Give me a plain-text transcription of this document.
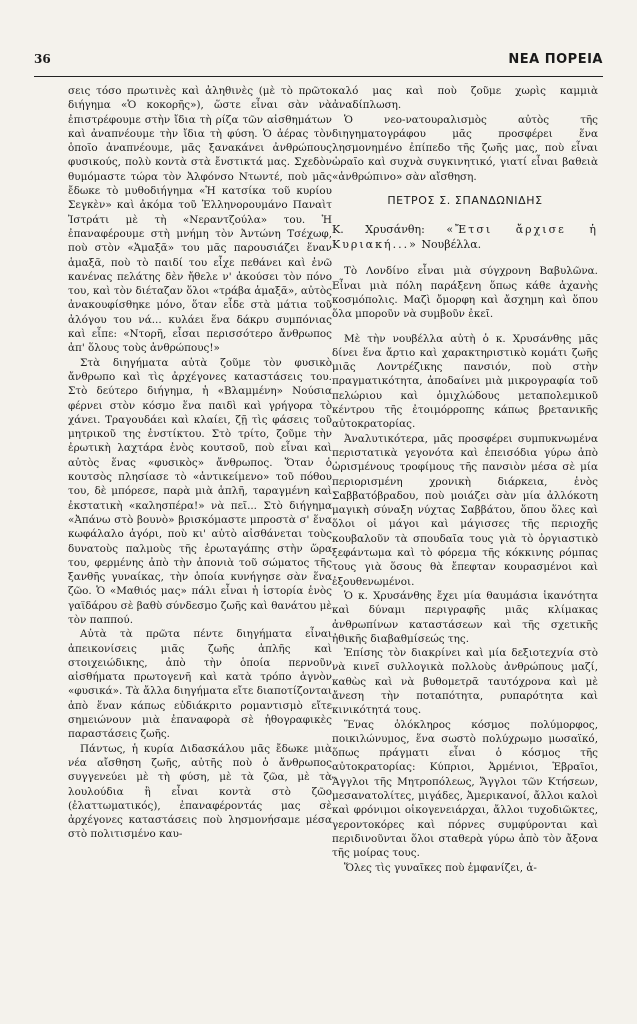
36	ΝΕΑ ΠΟΡΕΙΑ

σεις τόσο πρωτινὲς καὶ ἀληθινὲς (μὲ τὸ πρῶτο διήγημα «Ὁ κοκορῆς»), ὥστε εἶναι σὰν νὰ ἐπιστρέφουμε στὴν ἴδια τὴ ρίζα τῶν αἰσθημάτων καὶ ἀναπνέουμε τὴν ἴδια τὴ φύση. Ὁ ἀέρας τὸν ὁποῖο ἀναπνέουμε, μᾶς ξανακάνει ἀνθρώπους φυσικούς, πολὺ κοντὰ στὰ ἔνστικτά μας. Σχεδὸν θυμόμαστε τώρα τὸν Ἀλφόνσο Ντωντέ, ποὺ μᾶς ἔδωκε τὸ μυθοδιήγημα «Ἡ κατσίκα τοῦ κυρίου Σεγκὲν» καὶ ἀκόμα τοῦ Ἑλληνορουμάνο Παναὶτ Ἰστράτι μὲ τὴ «Νεραντζούλα» του. Ἡ ἐπαναφέρουμε στὴ μνήμη τὸν Ἀντώνη Τσέχωφ, ποὺ στὸν «Ἁμαξᾶ» του μᾶς παρουσιάζει ἕναν ἁμαξᾶ, ποὺ τὸ παιδί του εἶχε πεθάνει καὶ ἐνῶ κανένας πελάτης δὲν ἤθελε ν' ἀκούσει τὸν πόνο του, καὶ τὸν διέταζαν ὅλοι «τράβα ἁμαξᾶ», αὐτὸς ἀνακουφίσθηκε μόνο, ὅταν εἶδε στὰ μάτια τοῦ ἀλόγου του νά... κυλάει ἕνα δάκρυ συμπόνιας καὶ εἶπε: «Ντορῆ, εἶσαι περισσότερο ἄνθρωπος ἀπ' ὅλους τοὺς ἀνθρώπους!»

Στὰ διηγήματα αὐτὰ ζοῦμε τὸν φυσικὸ ἄνθρωπο καὶ τὶς ἀρχέγονες καταστάσεις του. Στὸ δεύτερο διήγημα, ἡ «Βλαμμένη» Νούσια φέρνει στὸν κόσμο ἕνα παιδὶ καὶ γρήγορα τὸ χάνει. Τραγουδάει καὶ κλαίει, ζῇ τὶς φάσεις τοῦ μητρικοῦ της ἐνστίκτου. Στὸ τρίτο, ζοῦμε τὴν ἐρωτικὴ λαχτάρα ἑνὸς κουτσοῦ, ποὺ εἶναι καὶ αὐτὸς ἕνας «φυσικὸς» ἄνθρωπος. Ὅταν ὁ κουτσὸς πλησίασε τὸ «ἀντικείμενο» τοῦ πόθου του, δὲ μπόρεσε, παρὰ μιὰ ἁπλῆ, ταραγμένη καὶ ἐκστατικὴ «καλησπέρα!» νὰ πεῖ... Στὸ διήγημα «Ἀπάνω στὸ βουνὸ» βρισκόμαστε μπροστὰ σ' ἕνα κωφάλαλο ἀγόρι, ποὺ κι' αὐτὸ αἰσθάνεται τοὺς δυνατοὺς παλμοὺς τῆς ἐρωταγάπης στὴν ὥρα του, φερμένης ἀπὸ τὴν ἀπονιὰ τοῦ σώματος τῆς ξανθῆς γυναίκας, τὴν ὁποία κυνήγησε σὰν ἕνα ζῶο. Ὁ «Μαθιός μας» πάλι εἶναι ἡ ἱστορία ἑνὸς γαϊδάρου σὲ βαθὺ σύνδεσμο ζωῆς καὶ θανάτου μὲ τὸν παππού.

Αὐτὰ τὰ πρῶτα πέντε διηγήματα εἶναι ἀπεικονίσεις μιᾶς ζωῆς ἁπλῆς καὶ στοιχειώδικης, ἀπὸ τὴν ὁποία περνοῦν αἰσθήματα πρωτογενῆ καὶ κατὰ τρόπο ἁγνὸν «φυσικά». Τὰ ἄλλα διηγήματα εἴτε διαποτίζονται ἀπὸ ἕναν κάπως εὐδιάκριτο ρομαντισμὸ εἴτε σημειώνουν μιὰ ἐπαναφορὰ σὲ ἠθογραφικὲς παραστάσεις ζωῆς.

Πάντως, ἡ κυρία Διδασκάλου μᾶς ἔδωκε μιὰ νέα αἴσθηση ζωῆς, αὐτῆς ποὺ ὁ ἄνθρωπος συγγενεύει μὲ τὴ φύση, μὲ τὰ ζῶα, μὲ τὰ λουλούδια ἢ εἶναι κοντὰ στὸ ζῶο (ἐλαττωματικός), ἐπαναφέροντάς μας σὲ ἀρχέγονες καταστάσεις ποὺ λησμονήσαμε μέσα στὸ πολιτισμένο καυ-

καλό μας καὶ ποὺ ζοῦμε χωρὶς καμμιὰ ἀναδίπλωση.

Ὁ νεο-νατουραλισμὸς αὐτὸς τῆς διηγηματογράφου μᾶς προσφέρει ἕνα λησμονημένο ἐπίπεδο τῆς ζωῆς μας, ποὺ εἶναι ὡραῖο καὶ συχνὰ συγκινητικό, γιατί εἶναι βαθειὰ «ἀνθρώπινο» σὰν αἴσθηση.

ΠΕΤΡΟΣ Σ. ΣΠΑΝΔΩΝΙΔΗΣ

Κ. Χρυσάνθη: «Ἔτσι ἄρχισε ἡ Κυριακή...» Νουβέλλα.

Τὸ Λονδίνο εἶναι μιὰ σύγχρονη Βαβυλῶνα. Εἶναι μιὰ πόλη παράξενη ὅπως κάθε ἀχανὴς κοσμόπολις. Μαζὶ ὄμορφη καὶ ἄσχημη καὶ ὅπου ὅλα μποροῦν νὰ συμβοῦν ἐκεῖ.

Μὲ τὴν νουβέλλα αὐτὴ ὁ κ. Χρυσάνθης μᾶς δίνει ἕνα ἄρτιο καὶ χαρακτηριστικὸ κομάτι ζωῆς μιᾶς Λοντρέζικης πανσιόν, ποὺ στὴν πραγματικότητα, ἀποδαίνει μιὰ μικρογραφία τοῦ πελώριου καὶ ὁμιχλώδους μεταπολεμικοῦ κέντρου τῆς ἐτοιμόρροπης κάπως βρετανικῆς αὐτοκρατορίας.

Ἀναλυτικότερα, μᾶς προσφέρει συμπυκνωμένα περιστατικὰ γεγονότα καὶ ἐπεισόδια γύρω ἀπὸ ὡρισμένους τροφίμους τῆς πανσιὸν μέσα σὲ μία περιορισμένη χρονικὴ διάρκεια, ἑνὸς Σαββατόβραδου, ποὺ μοιάζει σὰν μία ἀλλόκοτη μαγικὴ σύναξη νύχτας Σαββάτου, ὅπου ὅλες καὶ ὅλοι οἱ μάγοι καὶ μάγισσες τῆς περιοχῆς κουβαλοῦν τὰ σπουδαῖα τους γιὰ τὸ ὀργιαστικὸ ξεφάντωμα καὶ τὸ φόρεμα τῆς κόκκινης ρόμπας τους γιὰ ὅσους θὰ ἔπεφταν κουρασμένοι καὶ ἐξουθενωμένοι.

Ὁ κ. Χρυσάνθης ἔχει μία θαυμάσια ἱκανότητα καὶ δύναμι περιγραφῆς μιᾶς κλίμακας ἀνθρωπίνων καταστάσεων καὶ τῆς σχετικῆς ἠθικῆς διαβαθμίσεώς της.

Ἐπίσης τὸν διακρίνει καὶ μία δεξιοτεχνία στὸ νὰ κινεῖ συλλογικὰ πολλοὺς ἀνθρώπους μαζί, καθὼς καὶ νὰ βυθομετρᾶ ταυτόχρονα καὶ μὲ ἄνεση τὴν ποταπότητα, ρυπαρότητα καὶ κινικότητά τους.

Ἕνας ὁλόκληρος κόσμος πολύμορφος, ποικιλώνυμος, ἕνα σωστὸ πολύχρωμο μωσαϊκό, ὅπως πράγματι εἶναι ὁ κόσμος τῆς αὐτοκρατορίας: Κύπριοι, Ἀρμένιοι, Ἑβραῖοι, Ἄγγλοι τῆς Μητροπόλεως, Ἄγγλοι τῶν Κτήσεων, μεσανατολίτες, μιγάδες, Ἀμερικανοί, ἄλλοι καλοὶ καὶ φρόνιμοι οἰκογενειάρχαι, ἄλλοι τυχοδιῶκτες, γεροντοκόρες καὶ πόρνες συμφύρονται καὶ περιδινοῦνται ὅλοι σταθερὰ γύρω ἀπὸ τὸν ἄξονα τῆς μοίρας τους.

Ὅλες τὶς γυναῖκες ποὺ ἐμφανίζει, ἀ-
